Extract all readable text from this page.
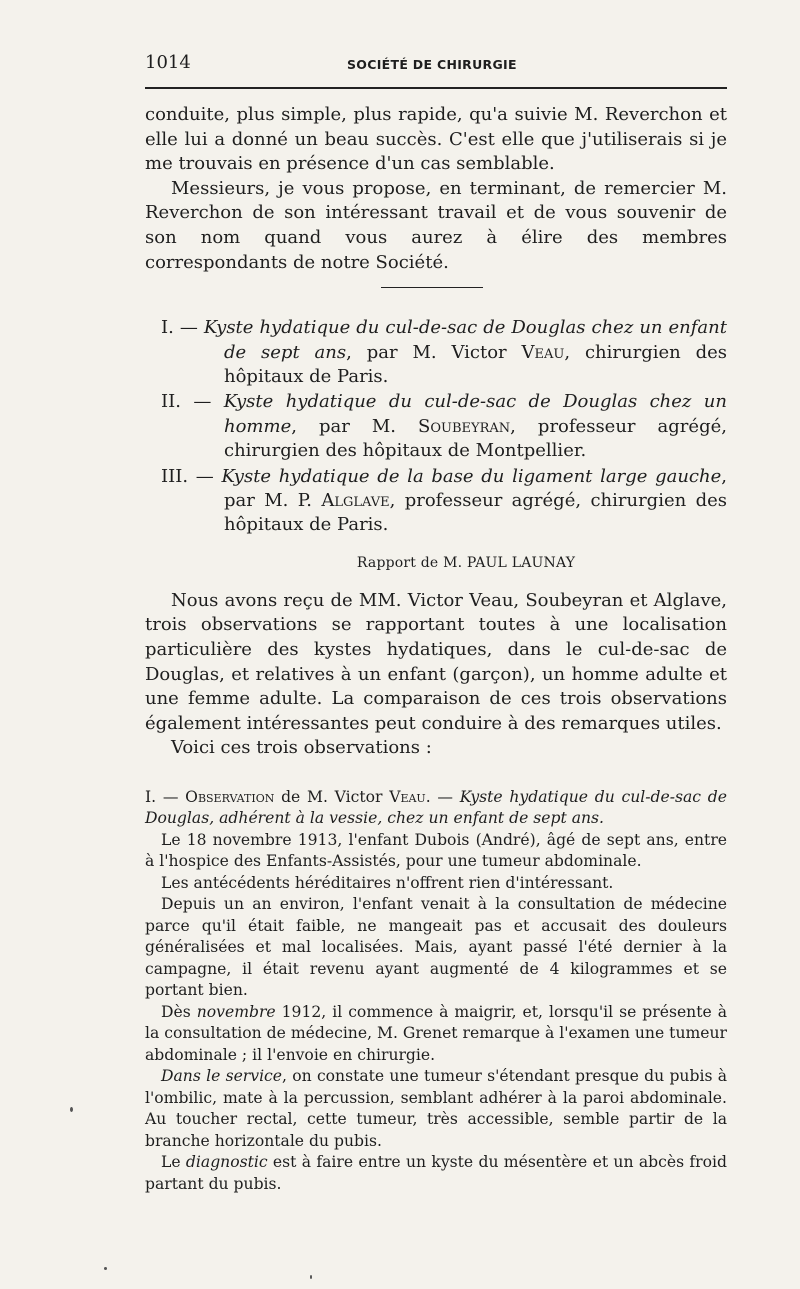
1014	SOCIÉTÉ DE CHIRURGIE

conduite, plus simple, plus rapide, qu'a suivie M. Reverchon et elle lui a donné un beau succès. C'est elle que j'utiliserais si je me trouvais en présence d'un cas semblable.

Messieurs, je vous propose, en terminant, de remercier M. Reverchon de son intéressant travail et de vous souvenir de son nom quand vous aurez à élire des membres correspondants de notre Société.

I. — Kyste hydatique du cul-de-sac de Douglas chez un enfant de sept ans, par M. Victor Veau, chirurgien des hôpitaux de Paris.

II. — Kyste hydatique du cul-de-sac de Douglas chez un homme, par M. Soubeyran, professeur agrégé, chirurgien des hôpitaux de Montpellier.

III. — Kyste hydatique de la base du ligament large gauche, par M. P. Alglave, professeur agrégé, chirurgien des hôpitaux de Paris.

Rapport de M. PAUL LAUNAY

Nous avons reçu de MM. Victor Veau, Soubeyran et Alglave, trois observations se rapportant toutes à une localisation particulière des kystes hydatiques, dans le cul-de-sac de Douglas, et relatives à un enfant (garçon), un homme adulte et une femme adulte. La comparaison de ces trois observations également intéressantes peut conduire à des remarques utiles.

Voici ces trois observations :

I. — Observation de M. Victor Veau. — Kyste hydatique du cul-de-sac de Douglas, adhérent à la vessie, chez un enfant de sept ans.

Le 18 novembre 1913, l'enfant Dubois (André), âgé de sept ans, entre à l'hospice des Enfants-Assistés, pour une tumeur abdominale.

Les antécédents héréditaires n'offrent rien d'intéressant.

Depuis un an environ, l'enfant venait à la consultation de médecine parce qu'il était faible, ne mangeait pas et accusait des douleurs généralisées et mal localisées. Mais, ayant passé l'été dernier à la campagne, il était revenu ayant augmenté de 4 kilogrammes et se portant bien.

Dès novembre 1912, il commence à maigrir, et, lorsqu'il se présente à la consultation de médecine, M. Grenet remarque à l'examen une tumeur abdominale ; il l'envoie en chirurgie.

Dans le service, on constate une tumeur s'étendant presque du pubis à l'ombilic, mate à la percussion, semblant adhérer à la paroi abdominale. Au toucher rectal, cette tumeur, très accessible, semble partir de la branche horizontale du pubis.

Le diagnostic est à faire entre un kyste du mésentère et un abcès froid partant du pubis.
